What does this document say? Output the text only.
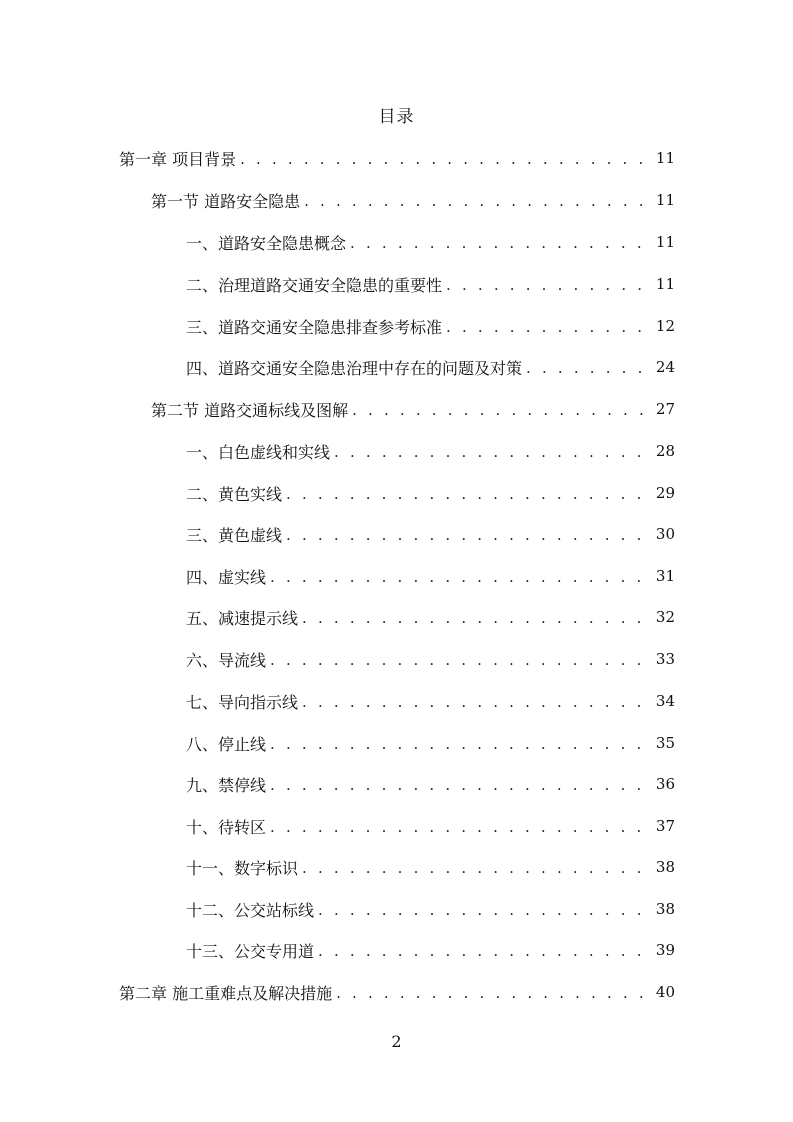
目录
第一章 项目背景 . . .	11
第一节 道路安全隐患 . . .	11
一、道路安全隐患概念 . . .	11
二、治理道路交通安全隐患的重要性 . . .	11
三、道路交通安全隐患排查参考标准 . . .	12
四、道路交通安全隐患治理中存在的问题及对策 . . .	24
第二节 道路交通标线及图解 . . .	27
一、白色虚线和实线 . . .	28
二、黄色实线 . . .	29
三、黄色虚线 . . .	30
四、虚实线 . . .	31
五、减速提示线 . . .	32
六、导流线 . . .	33
七、导向指示线 . . .	34
八、停止线 . . .	35
九、禁停线 . . .	36
十、待转区 . . .	37
十一、数字标识 . . .	38
十二、公交站标线 . . .	38
十三、公交专用道 . . .	39
第二章 施工重难点及解决措施 . . .	40
2
